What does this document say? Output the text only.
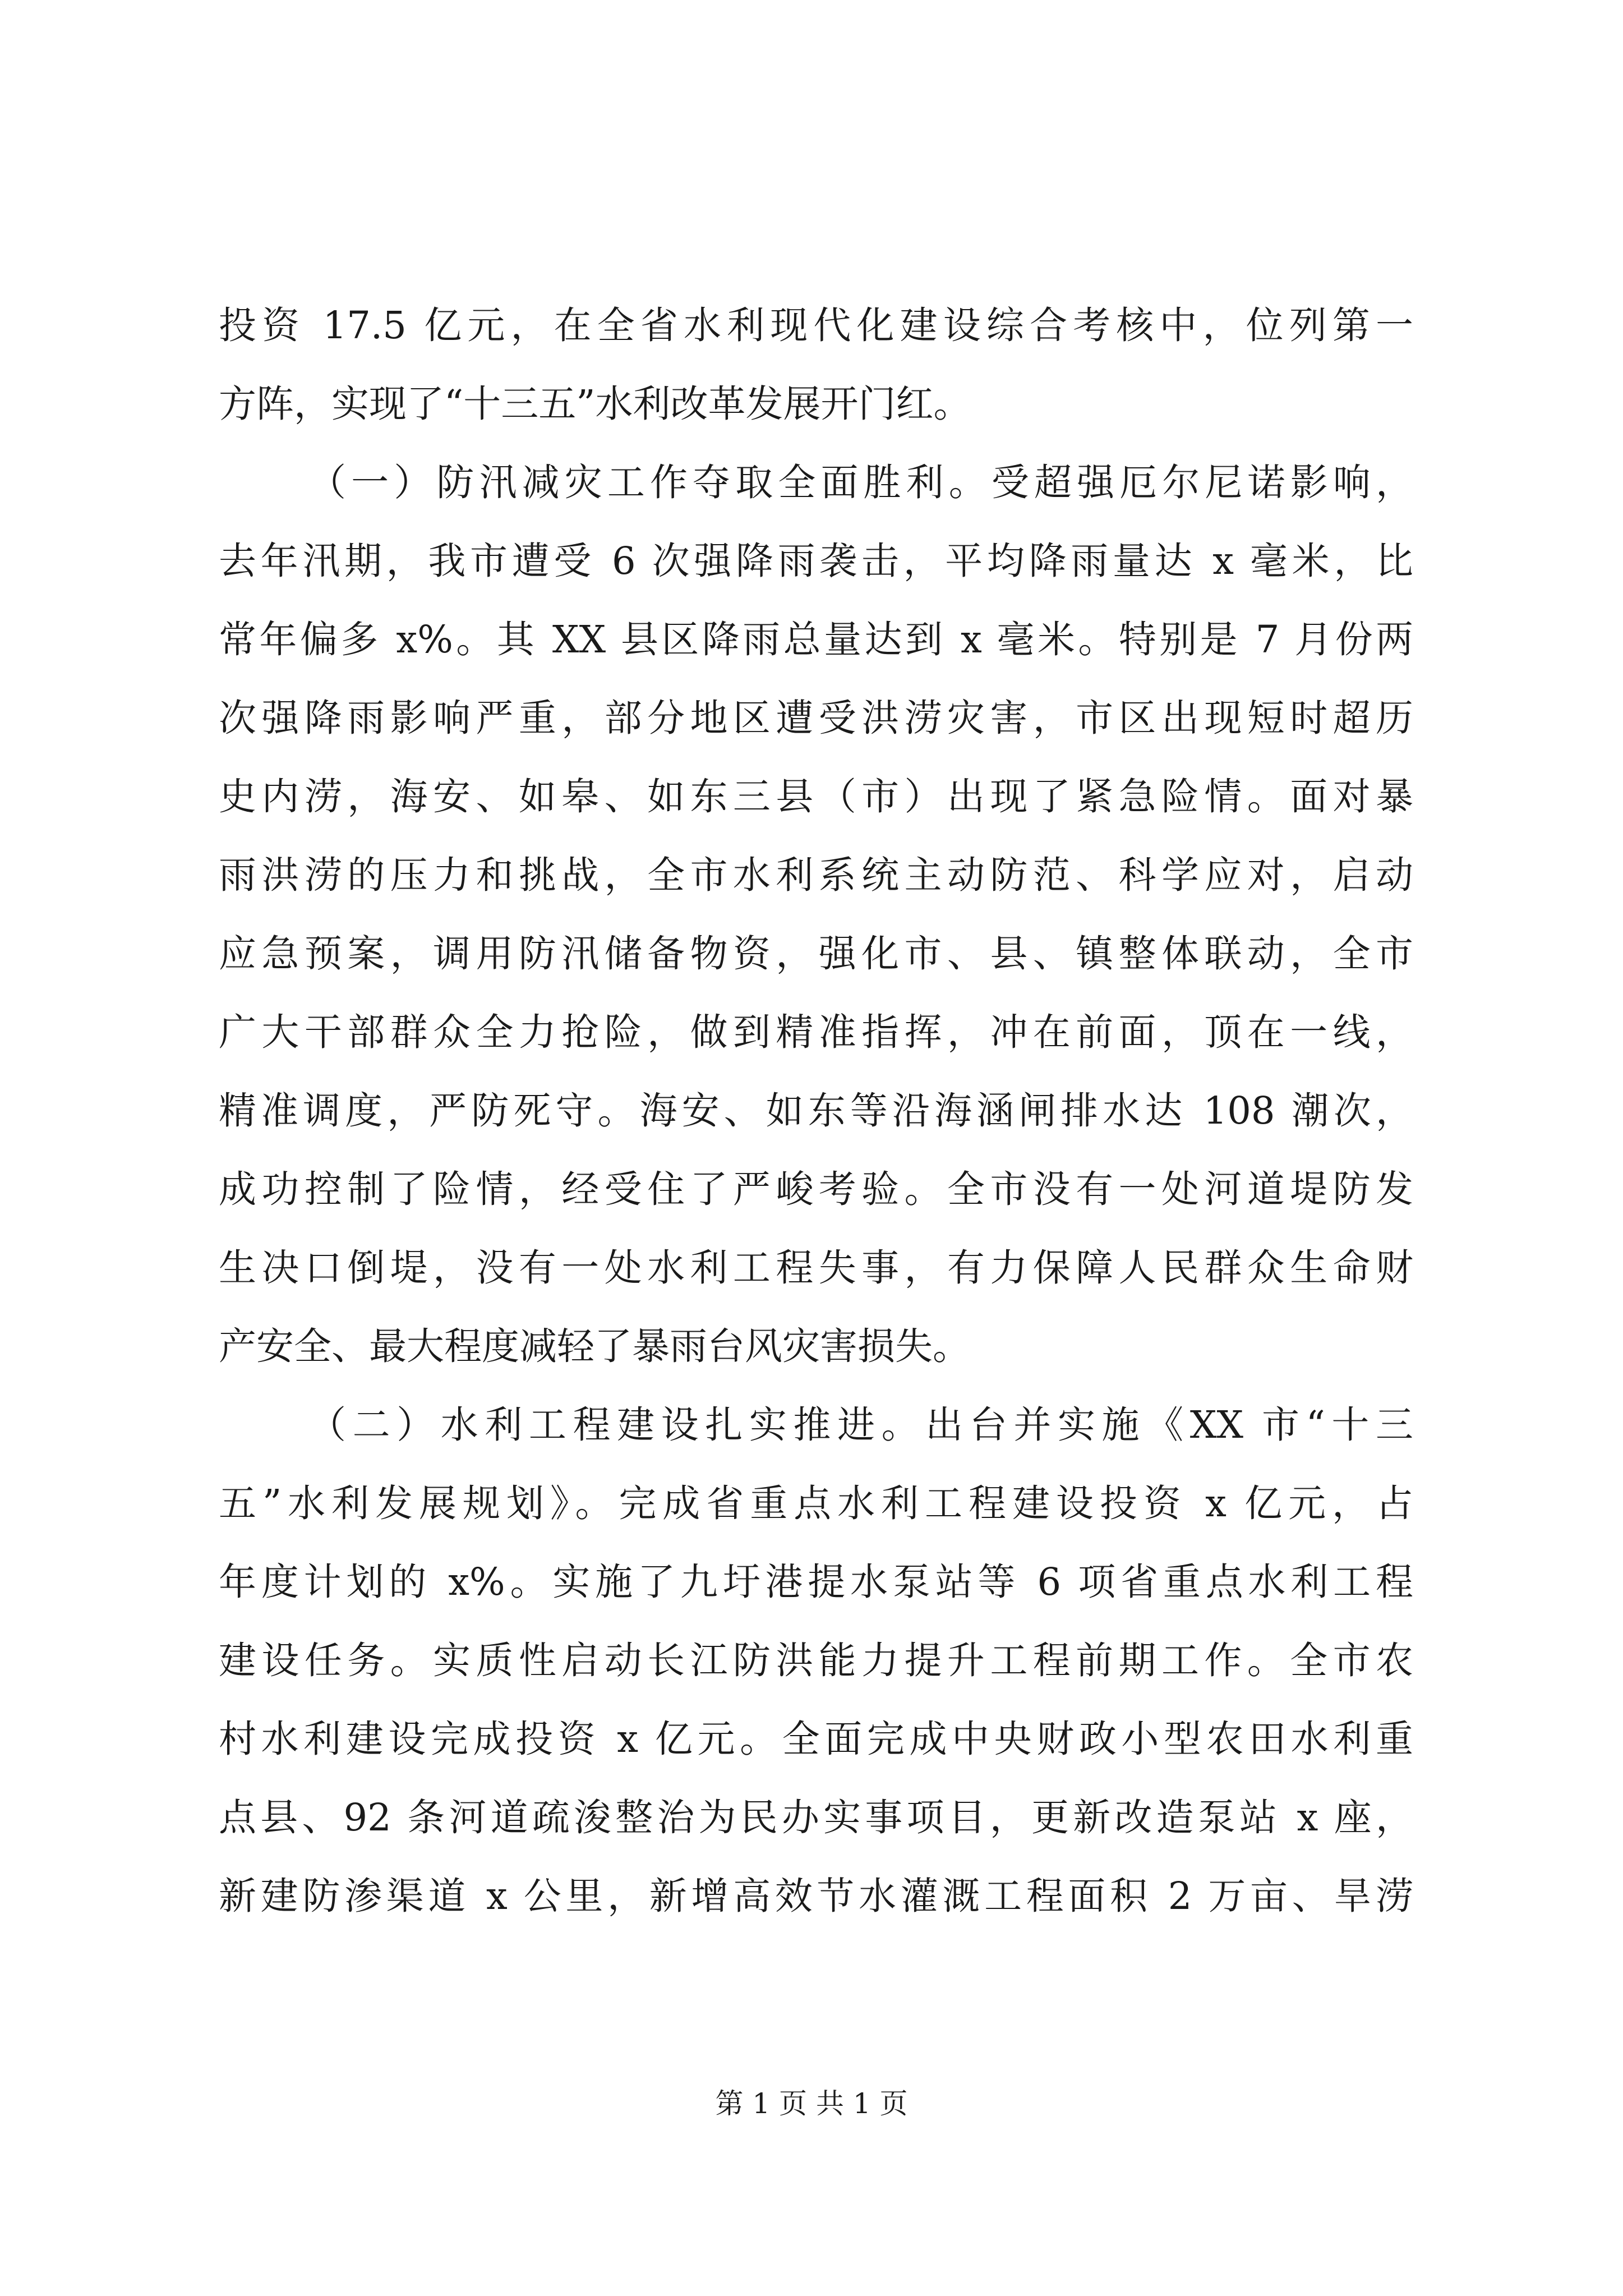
投资 17.5 亿元，在全省水利现代化建设综合考核中，位列第一
方阵，实现了“十三五”水利改革发展开门红。
（一）防汛减灾工作夺取全面胜利。受超强厄尔尼诺影响，
去年汛期，我市遭受 6 次强降雨袭击，平均降雨量达 x 毫米，比
常年偏多 x%。其 XX 县区降雨总量达到 x 毫米。特别是 7 月份两
次强降雨影响严重，部分地区遭受洪涝灾害，市区出现短时超历
史内涝，海安、如皋、如东三县（市）出现了紧急险情。面对暴
雨洪涝的压力和挑战，全市水利系统主动防范、科学应对，启动
应急预案，调用防汛储备物资，强化市、县、镇整体联动，全市
广大干部群众全力抢险，做到精准指挥，冲在前面，顶在一线，
精准调度，严防死守。海安、如东等沿海涵闸排水达 108 潮次，
成功控制了险情，经受住了严峻考验。全市没有一处河道堤防发
生决口倒堤，没有一处水利工程失事，有力保障人民群众生命财
产安全、最大程度减轻了暴雨台风灾害损失。
（二）水利工程建设扎实推进。出台并实施《XX 市“十三
五”水利发展规划》。完成省重点水利工程建设投资 x 亿元，占
年度计划的 x%。实施了九圩港提水泵站等 6 项省重点水利工程
建设任务。实质性启动长江防洪能力提升工程前期工作。全市农
村水利建设完成投资 x 亿元。全面完成中央财政小型农田水利重
点县、92 条河道疏浚整治为民办实事项目，更新改造泵站 x 座，
新建防渗渠道 x 公里，新增高效节水灌溉工程面积 2 万亩、旱涝
第 1 页 共 1 页
